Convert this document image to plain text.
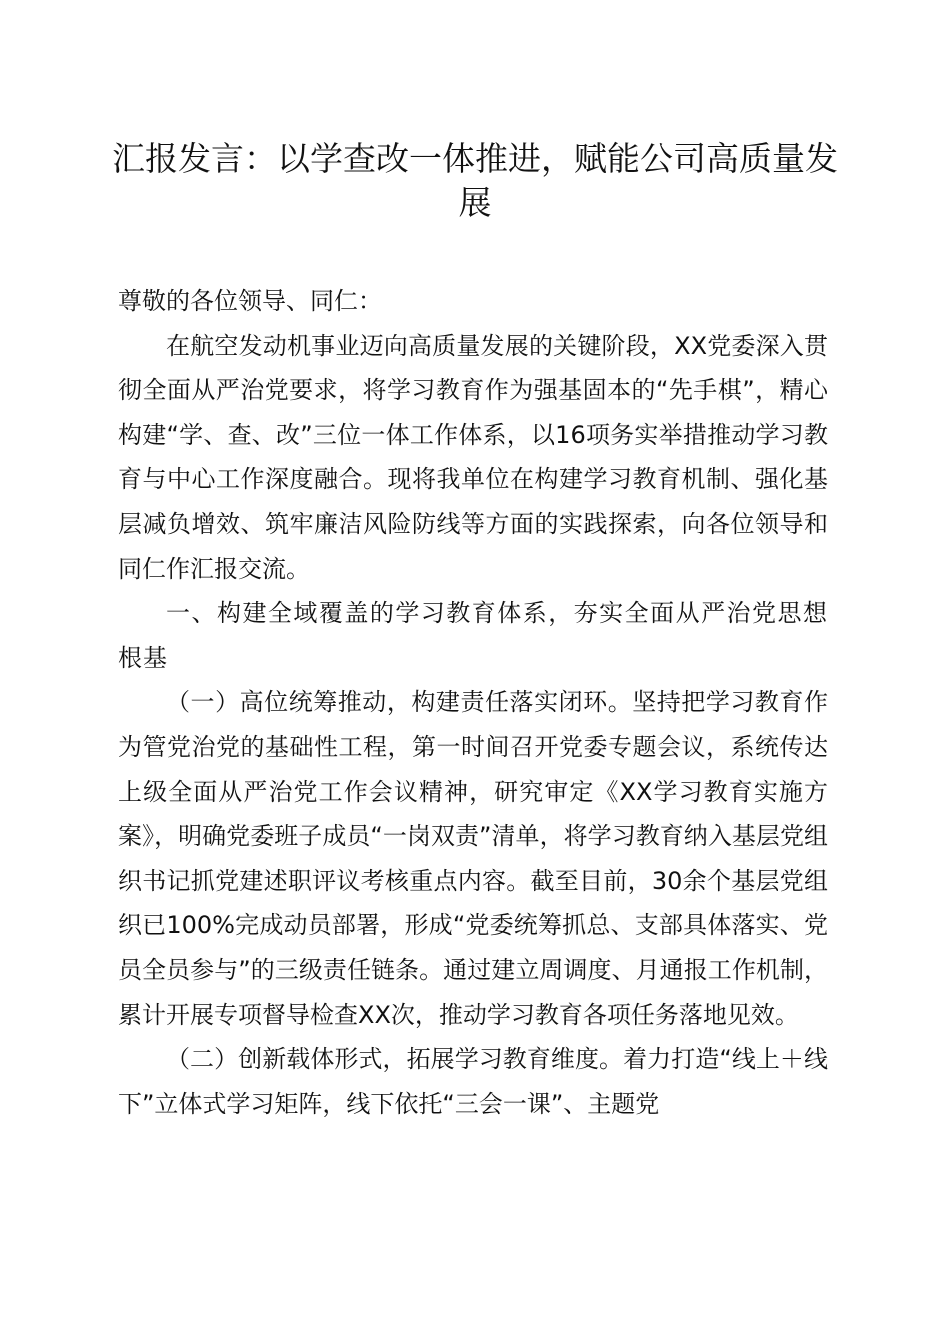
汇报发言：以学查改一体推进，赋能公司高质量发展

尊敬的各位领导、同仁：

在航空发动机事业迈向高质量发展的关键阶段，XX党委深入贯彻全面从严治党要求，将学习教育作为强基固本的“先手棋”，精心构建“学、查、改”三位一体工作体系，以16项务实举措推动学习教育与中心工作深度融合。现将我单位在构建学习教育机制、强化基层减负增效、筑牢廉洁风险防线等方面的实践探索，向各位领导和同仁作汇报交流。

一、构建全域覆盖的学习教育体系，夯实全面从严治党思想根基

（一）高位统筹推动，构建责任落实闭环。坚持把学习教育作为管党治党的基础性工程，第一时间召开党委专题会议，系统传达上级全面从严治党工作会议精神，研究审定《XX学习教育实施方案》，明确党委班子成员“一岗双责”清单，将学习教育纳入基层党组织书记抓党建述职评议考核重点内容。截至目前，30余个基层党组织已100%完成动员部署，形成“党委统筹抓总、支部具体落实、党员全员参与”的三级责任链条。通过建立周调度、月通报工作机制，累计开展专项督导检查XX次，推动学习教育各项任务落地见效。

（二）创新载体形式，拓展学习教育维度。着力打造“线上＋线下”立体式学习矩阵，线下依托“三会一课”、主题党
